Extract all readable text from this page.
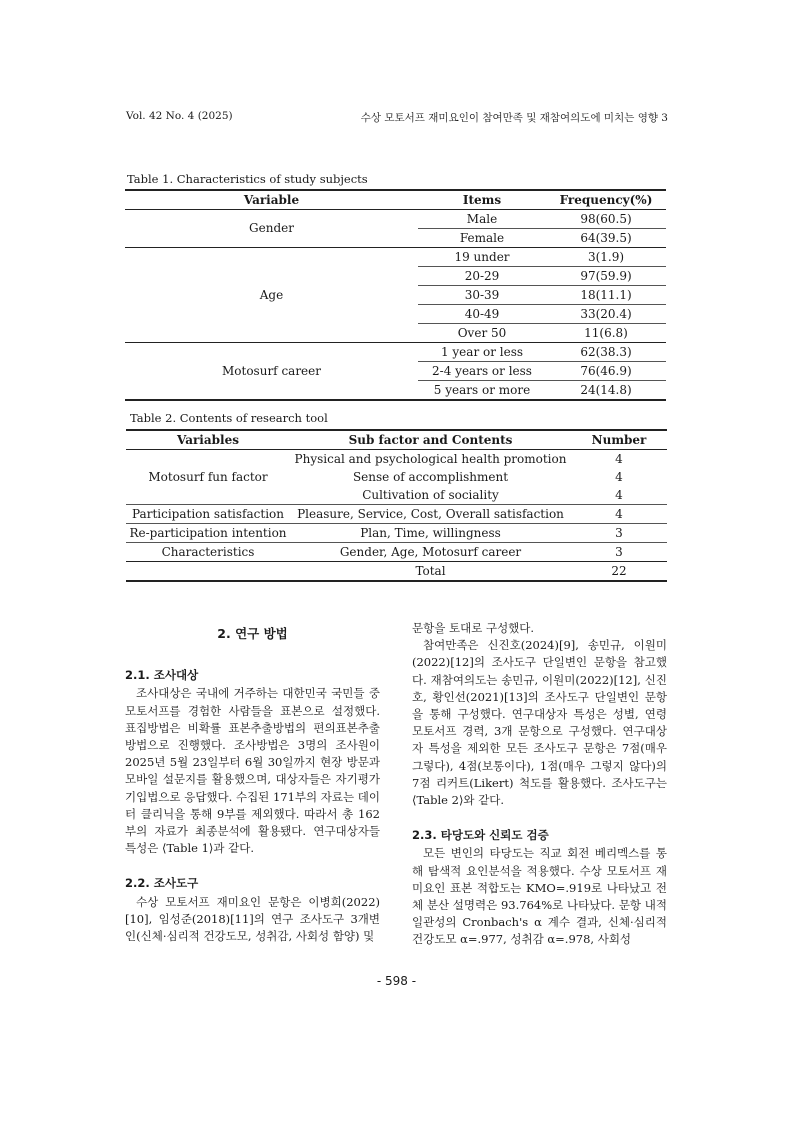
Vol. 42 No. 4 (2025)	수상 모토서프 재미요인이 참여만족 및 재참여의도에 미치는 영향 3
Table 1. Characteristics of study subjects
Variable	Items	Frequency(%)
Gender	Male	98(60.5)
	Female	64(39.5)
Age	19 under	3(1.9)
	20-29	97(59.9)
	30-39	18(11.1)
	40-49	33(20.4)
	Over 50	11(6.8)
Motosurf career	1 year or less	62(38.3)
	2-4 years or less	76(46.9)
	5 years or more	24(14.8)
Table 2. Contents of research tool
Variables	Sub factor and Contents	Number
Motosurf fun factor	Physical and psychological health promotion	4
	Sense of accomplishment	4
	Cultivation of sociality	4
Participation satisfaction	Pleasure, Service, Cost, Overall satisfaction	4
Re-participation intention	Plan, Time, willingness	3
Characteristics	Gender, Age, Motosurf career	3
	Total	22
2. 연구 방법
2.1. 조사대상

조사대상은 국내에 거주하는 대한민국 국민들 중 모토서프를 경험한 사람들을 표본으로 설정했다. 표집방법은 비확률 표본추출방법의 편의표본추출방법으로 진행했다. 조사방법은 3명의 조사원이 2025년 5월 23일부터 6월 30일까지 현장 방문과 모바일 설문지를 활용했으며, 대상자들은 자기평가 기입법으로 응답했다. 수집된 171부의 자료는 데이터 클리닉을 통해 9부를 제외했다. 따라서 총 162부의 자료가 최종분석에 활용됐다. 연구대상자들 특성은 ⟨Table 1⟩과 같다.

2.2. 조사도구

수상 모토서프 재미요인 문항은 이병희(2022)[10], 임성준(2018)[11]의 연구 조사도구 3개변인(신체·심리적 건강도모, 성취감, 사회성 함양) 및

문항을 토대로 구성했다.

참여만족은 신진호(2024)[9], 송민규, 이원미(2022)[12]의 조사도구 단일변인 문항을 참고했다. 재참여의도는 송민규, 이원미(2022)[12], 신진호, 황인선(2021)[13]의 조사도구 단일변인 문항을 통해 구성했다. 연구대상자 특성은 성별, 연령 모토서프 경력, 3개 문항으로 구성했다. 연구대상자 특성을 제외한 모든 조사도구 문항은 7점(매우 그렇다), 4점(보통이다), 1점(매우 그렇지 않다)의 7점 리커트(Likert) 척도를 활용했다. 조사도구는 ⟨Table 2⟩와 같다.

2.3. 타당도와 신뢰도 검증

모든 변인의 타당도는 직교 회전 베리멕스를 통해 탐색적 요인분석을 적용했다. 수상 모토서프 재미요인 표본 적합도는 KMO=.919로 나타났고 전체 분산 설명력은 93.764%로 나타났다. 문항 내적일관성의 Cronbach's α 계수 결과, 신체·심리적 건강도모 α=.977, 성취감 α=.978, 사회성

- 598 -
